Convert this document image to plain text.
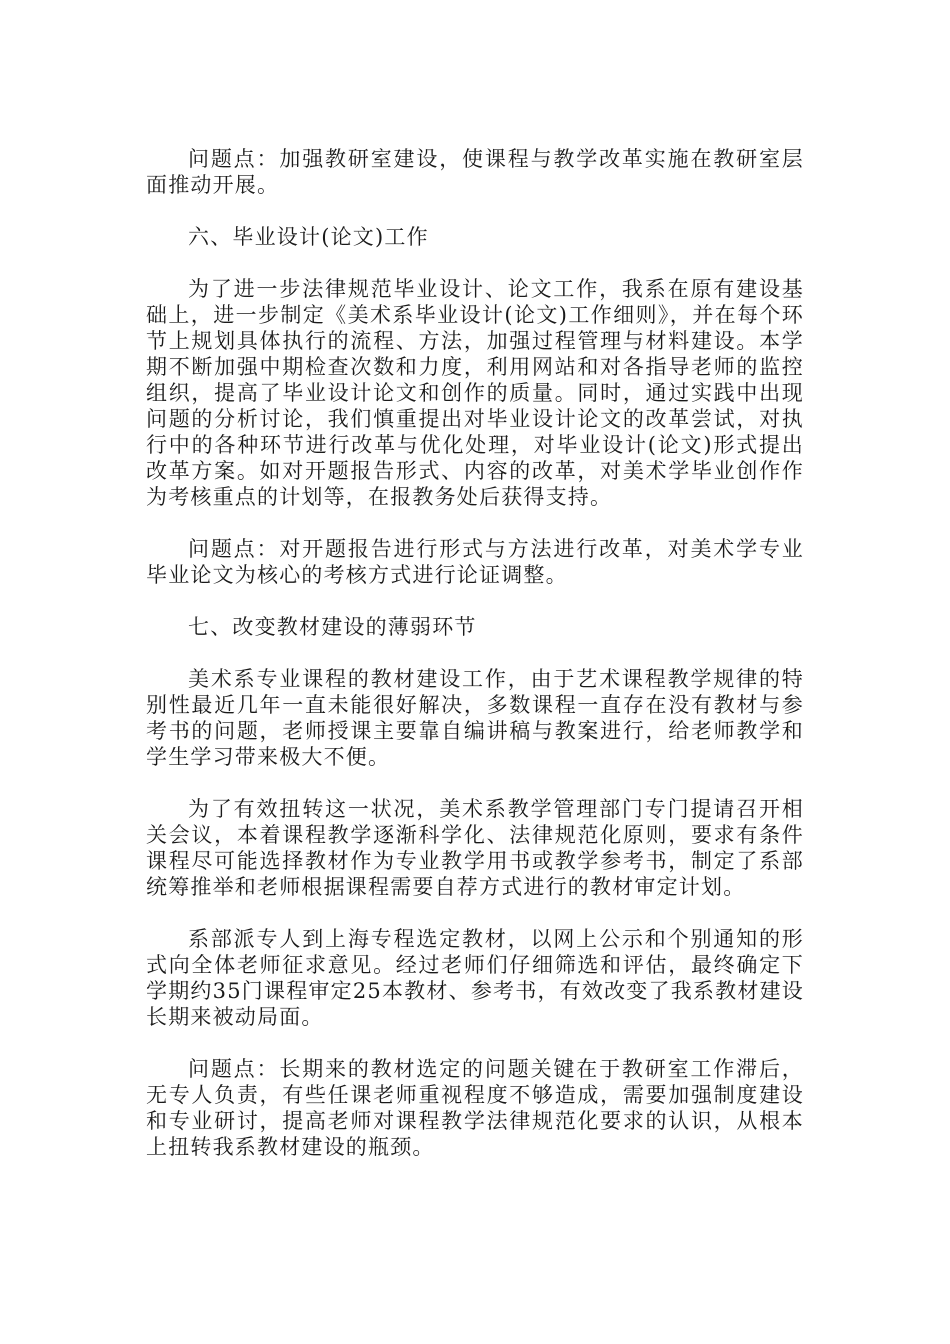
问题点：加强教研室建设，使课程与教学改革实施在教研室层面推动开展。

六、毕业设计(论文)工作

为了进一步法律规范毕业设计、论文工作，我系在原有建设基础上，进一步制定《美术系毕业设计(论文)工作细则》，并在每个环节上规划具体执行的流程、方法，加强过程管理与材料建设。本学期不断加强中期检查次数和力度，利用网站和对各指导老师的监控组织，提高了毕业设计论文和创作的质量。同时，通过实践中出现问题的分析讨论，我们慎重提出对毕业设计论文的改革尝试，对执行中的各种环节进行改革与优化处理，对毕业设计(论文)形式提出改革方案。如对开题报告形式、内容的改革，对美术学毕业创作作为考核重点的计划等，在报教务处后获得支持。

问题点：对开题报告进行形式与方法进行改革，对美术学专业毕业论文为核心的考核方式进行论证调整。

七、改变教材建设的薄弱环节

美术系专业课程的教材建设工作，由于艺术课程教学规律的特别性最近几年一直未能很好解决，多数课程一直存在没有教材与参考书的问题，老师授课主要靠自编讲稿与教案进行，给老师教学和学生学习带来极大不便。

为了有效扭转这一状况，美术系教学管理部门专门提请召开相关会议，本着课程教学逐渐科学化、法律规范化原则，要求有条件课程尽可能选择教材作为专业教学用书或教学参考书，制定了系部统筹推举和老师根据课程需要自荐方式进行的教材审定计划。

系部派专人到上海专程选定教材，以网上公示和个别通知的形式向全体老师征求意见。经过老师们仔细筛选和评估，最终确定下学期约35门课程审定25本教材、参考书，有效改变了我系教材建设长期来被动局面。

问题点：长期来的教材选定的问题关键在于教研室工作滞后，无专人负责，有些任课老师重视程度不够造成，需要加强制度建设和专业研讨，提高老师对课程教学法律规范化要求的认识，从根本上扭转我系教材建设的瓶颈。
